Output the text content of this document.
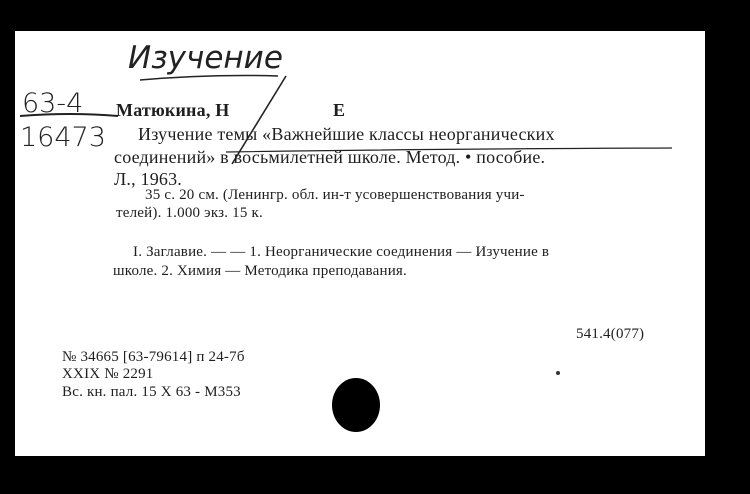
Изучение
63-4
16473
Матюкина, Н	Е
Изучение темы «Важнейшие классы неорганических
соединений» в восьмилетней школе. Метод. • пособие.
Л., 1963.
35 с. 20 см. (Ленингр. обл. ин-т усовершенствования учи-
телей). 1.000 экз. 15 к.
I. Заглавие. — — 1. Неорганические соединения — Изучение в
школе. 2. Химия — Методика преподавания.
541.4(077)
№ 34665 [63-79614] п 24-7б
XXIX № 2291
Вс. кн. пал. 15 X 63 - М353
